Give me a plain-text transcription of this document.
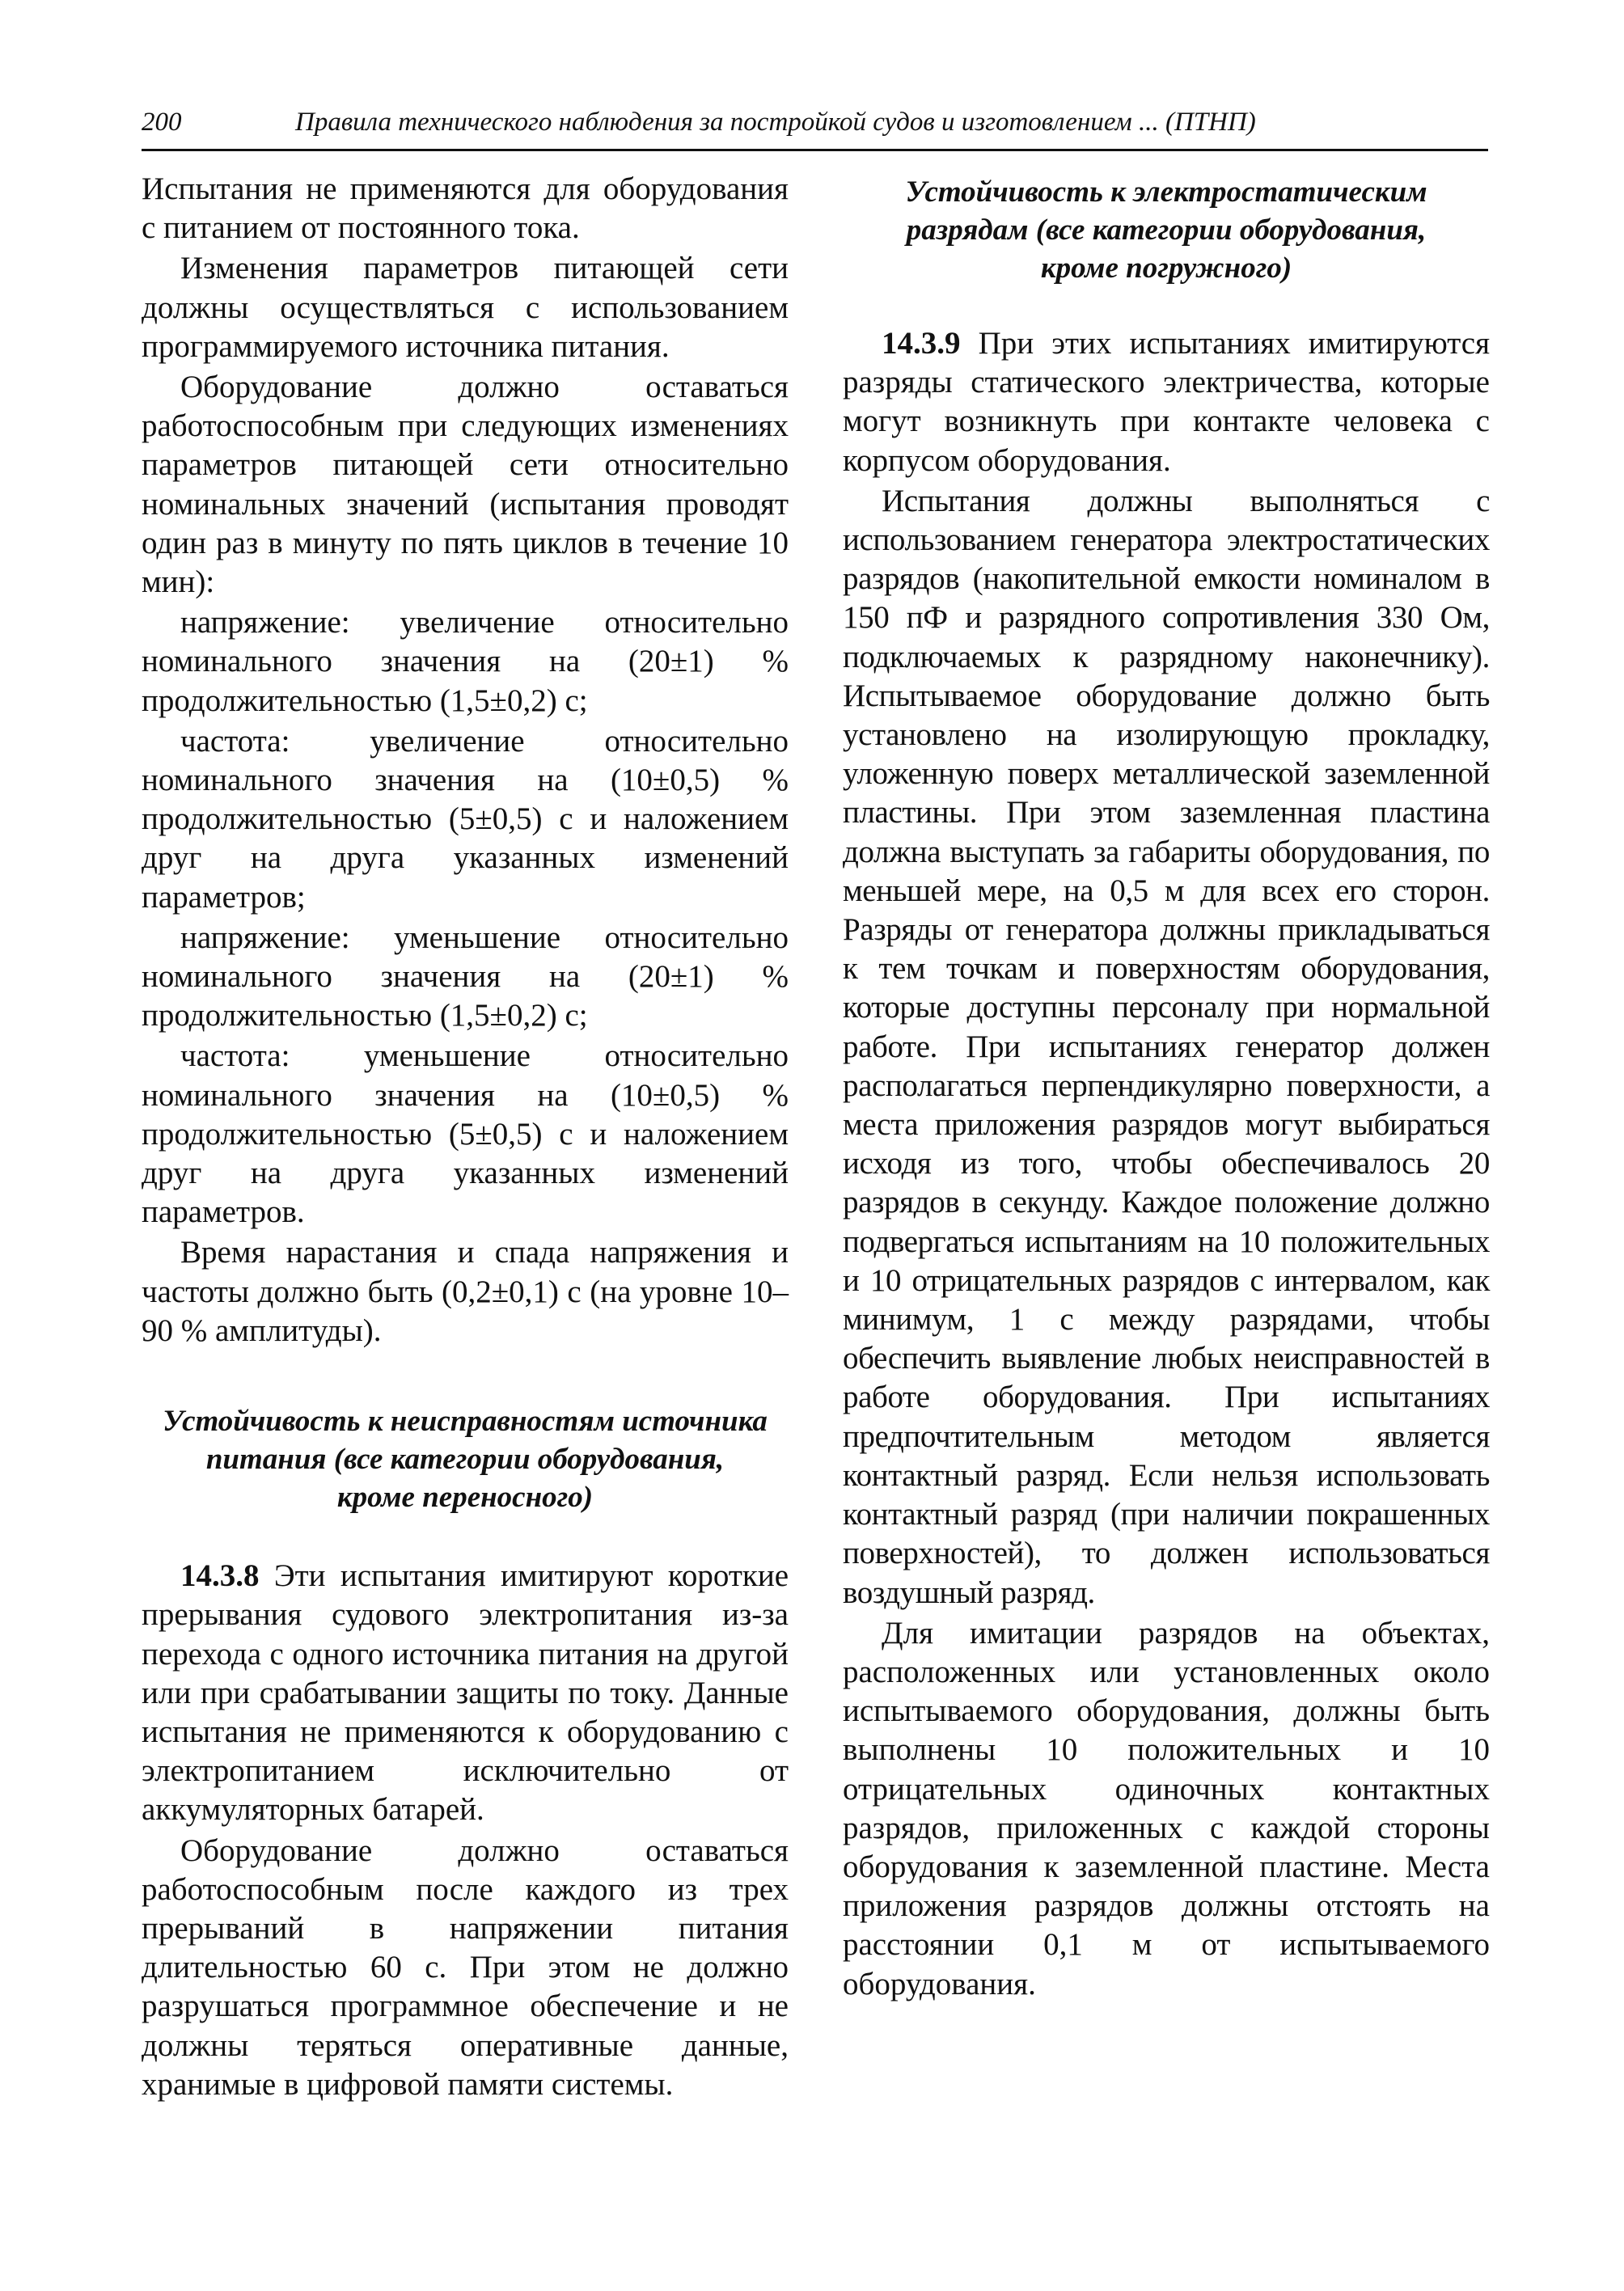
200	Правила технического наблюдения за постройкой судов и изготовлением ... (ПТНП)

Испытания не применяются для оборудования с питанием от постоянного тока.

Изменения параметров питающей сети должны осуществляться с использованием программируемого источника питания.

Оборудование должно оставаться работоспособным при следующих изменениях параметров питающей сети относительно номинальных значений (испытания проводят один раз в минуту по пять циклов в течение 10 мин):

напряжение: увеличение относительно номинального значения на (20±1) % продолжительностью (1,5±0,2) с;

частота: увеличение относительно номинального значения на (10±0,5) % продолжительностью (5±0,5) с и наложением друг на друга указанных изменений параметров;

напряжение: уменьшение относительно номинального значения на (20±1) % продолжительностью (1,5±0,2) с;

частота: уменьшение относительно номинального значения на (10±0,5) % продолжительностью (5±0,5) с и наложением друг на друга указанных изменений параметров.

Время нарастания и спада напряжения и частоты должно быть (0,2±0,1) с (на уровне 10–90 % амплитуды).

Устойчивость к неисправностям источника
питания (все категории оборудования,
кроме переносного)

14.3.8 Эти испытания имитируют короткие прерывания судового электропитания из-за перехода с одного источника питания на другой или при срабатывании защиты по току. Данные испытания не применяются к оборудованию с электропитанием исключительно от аккумуляторных батарей.

Оборудование должно оставаться работоспособным после каждого из трех прерываний в напряжении питания длительностью 60 с. При этом не должно разрушаться программное обеспечение и не должны теряться оперативные данные, хранимые в цифровой памяти системы.

Устойчивость к электростатическим
разрядам (все категории оборудования,
кроме погружного)

14.3.9 При этих испытаниях имитируются разряды статического электричества, которые могут возникнуть при контакте человека с корпусом оборудования.

Испытания должны выполняться с использованием генератора электростатических разрядов (накопительной емкости номиналом в 150 пФ и разрядного сопротивления 330 Ом, подключаемых к разрядному наконечнику). Испытываемое оборудование должно быть установлено на изолирующую прокладку, уложенную поверх металлической заземленной пластины. При этом заземленная пластина должна выступать за габариты оборудования, по меньшей мере, на 0,5 м для всех его сторон. Разряды от генератора должны прикладываться к тем точкам и поверхностям оборудования, которые доступны персоналу при нормальной работе. При испытаниях генератор должен располагаться перпендикулярно поверхности, а места приложения разрядов могут выбираться исходя из того, чтобы обеспечивалось 20 разрядов в секунду. Каждое положение должно подвергаться испытаниям на 10 положительных и 10 отрицательных разрядов с интервалом, как минимум, 1 с между разрядами, чтобы обеспечить выявление любых неисправностей в работе оборудования. При испытаниях предпочтительным методом является контактный разряд. Если нельзя использовать контактный разряд (при наличии покрашенных поверхностей), то должен использоваться воздушный разряд.

Для имитации разрядов на объектах, расположенных или установленных около испытываемого оборудования, должны быть выполнены 10 положительных и 10 отрицательных одиночных контактных разрядов, приложенных с каждой стороны оборудования к заземленной пластине. Места приложения разрядов должны отстоять на расстоянии 0,1 м от испытываемого оборудования.
